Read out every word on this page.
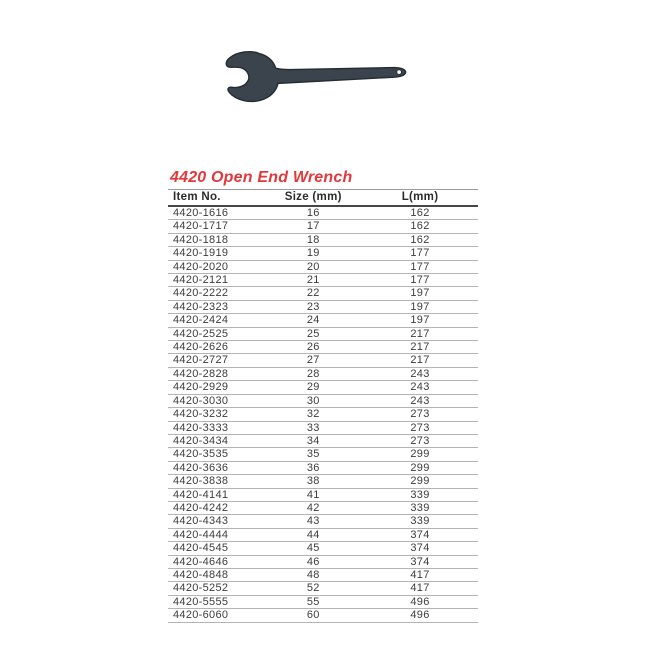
4420 Open End Wrench
Item No.	Size (mm)	L(mm)
4420-1616	16	162
4420-1717	17	162
4420-1818	18	162
4420-1919	19	177
4420-2020	20	177
4420-2121	21	177
4420-2222	22	197
4420-2323	23	197
4420-2424	24	197
4420-2525	25	217
4420-2626	26	217
4420-2727	27	217
4420-2828	28	243
4420-2929	29	243
4420-3030	30	243
4420-3232	32	273
4420-3333	33	273
4420-3434	34	273
4420-3535	35	299
4420-3636	36	299
4420-3838	38	299
4420-4141	41	339
4420-4242	42	339
4420-4343	43	339
4420-4444	44	374
4420-4545	45	374
4420-4646	46	374
4420-4848	48	417
4420-5252	52	417
4420-5555	55	496
4420-6060	60	496
